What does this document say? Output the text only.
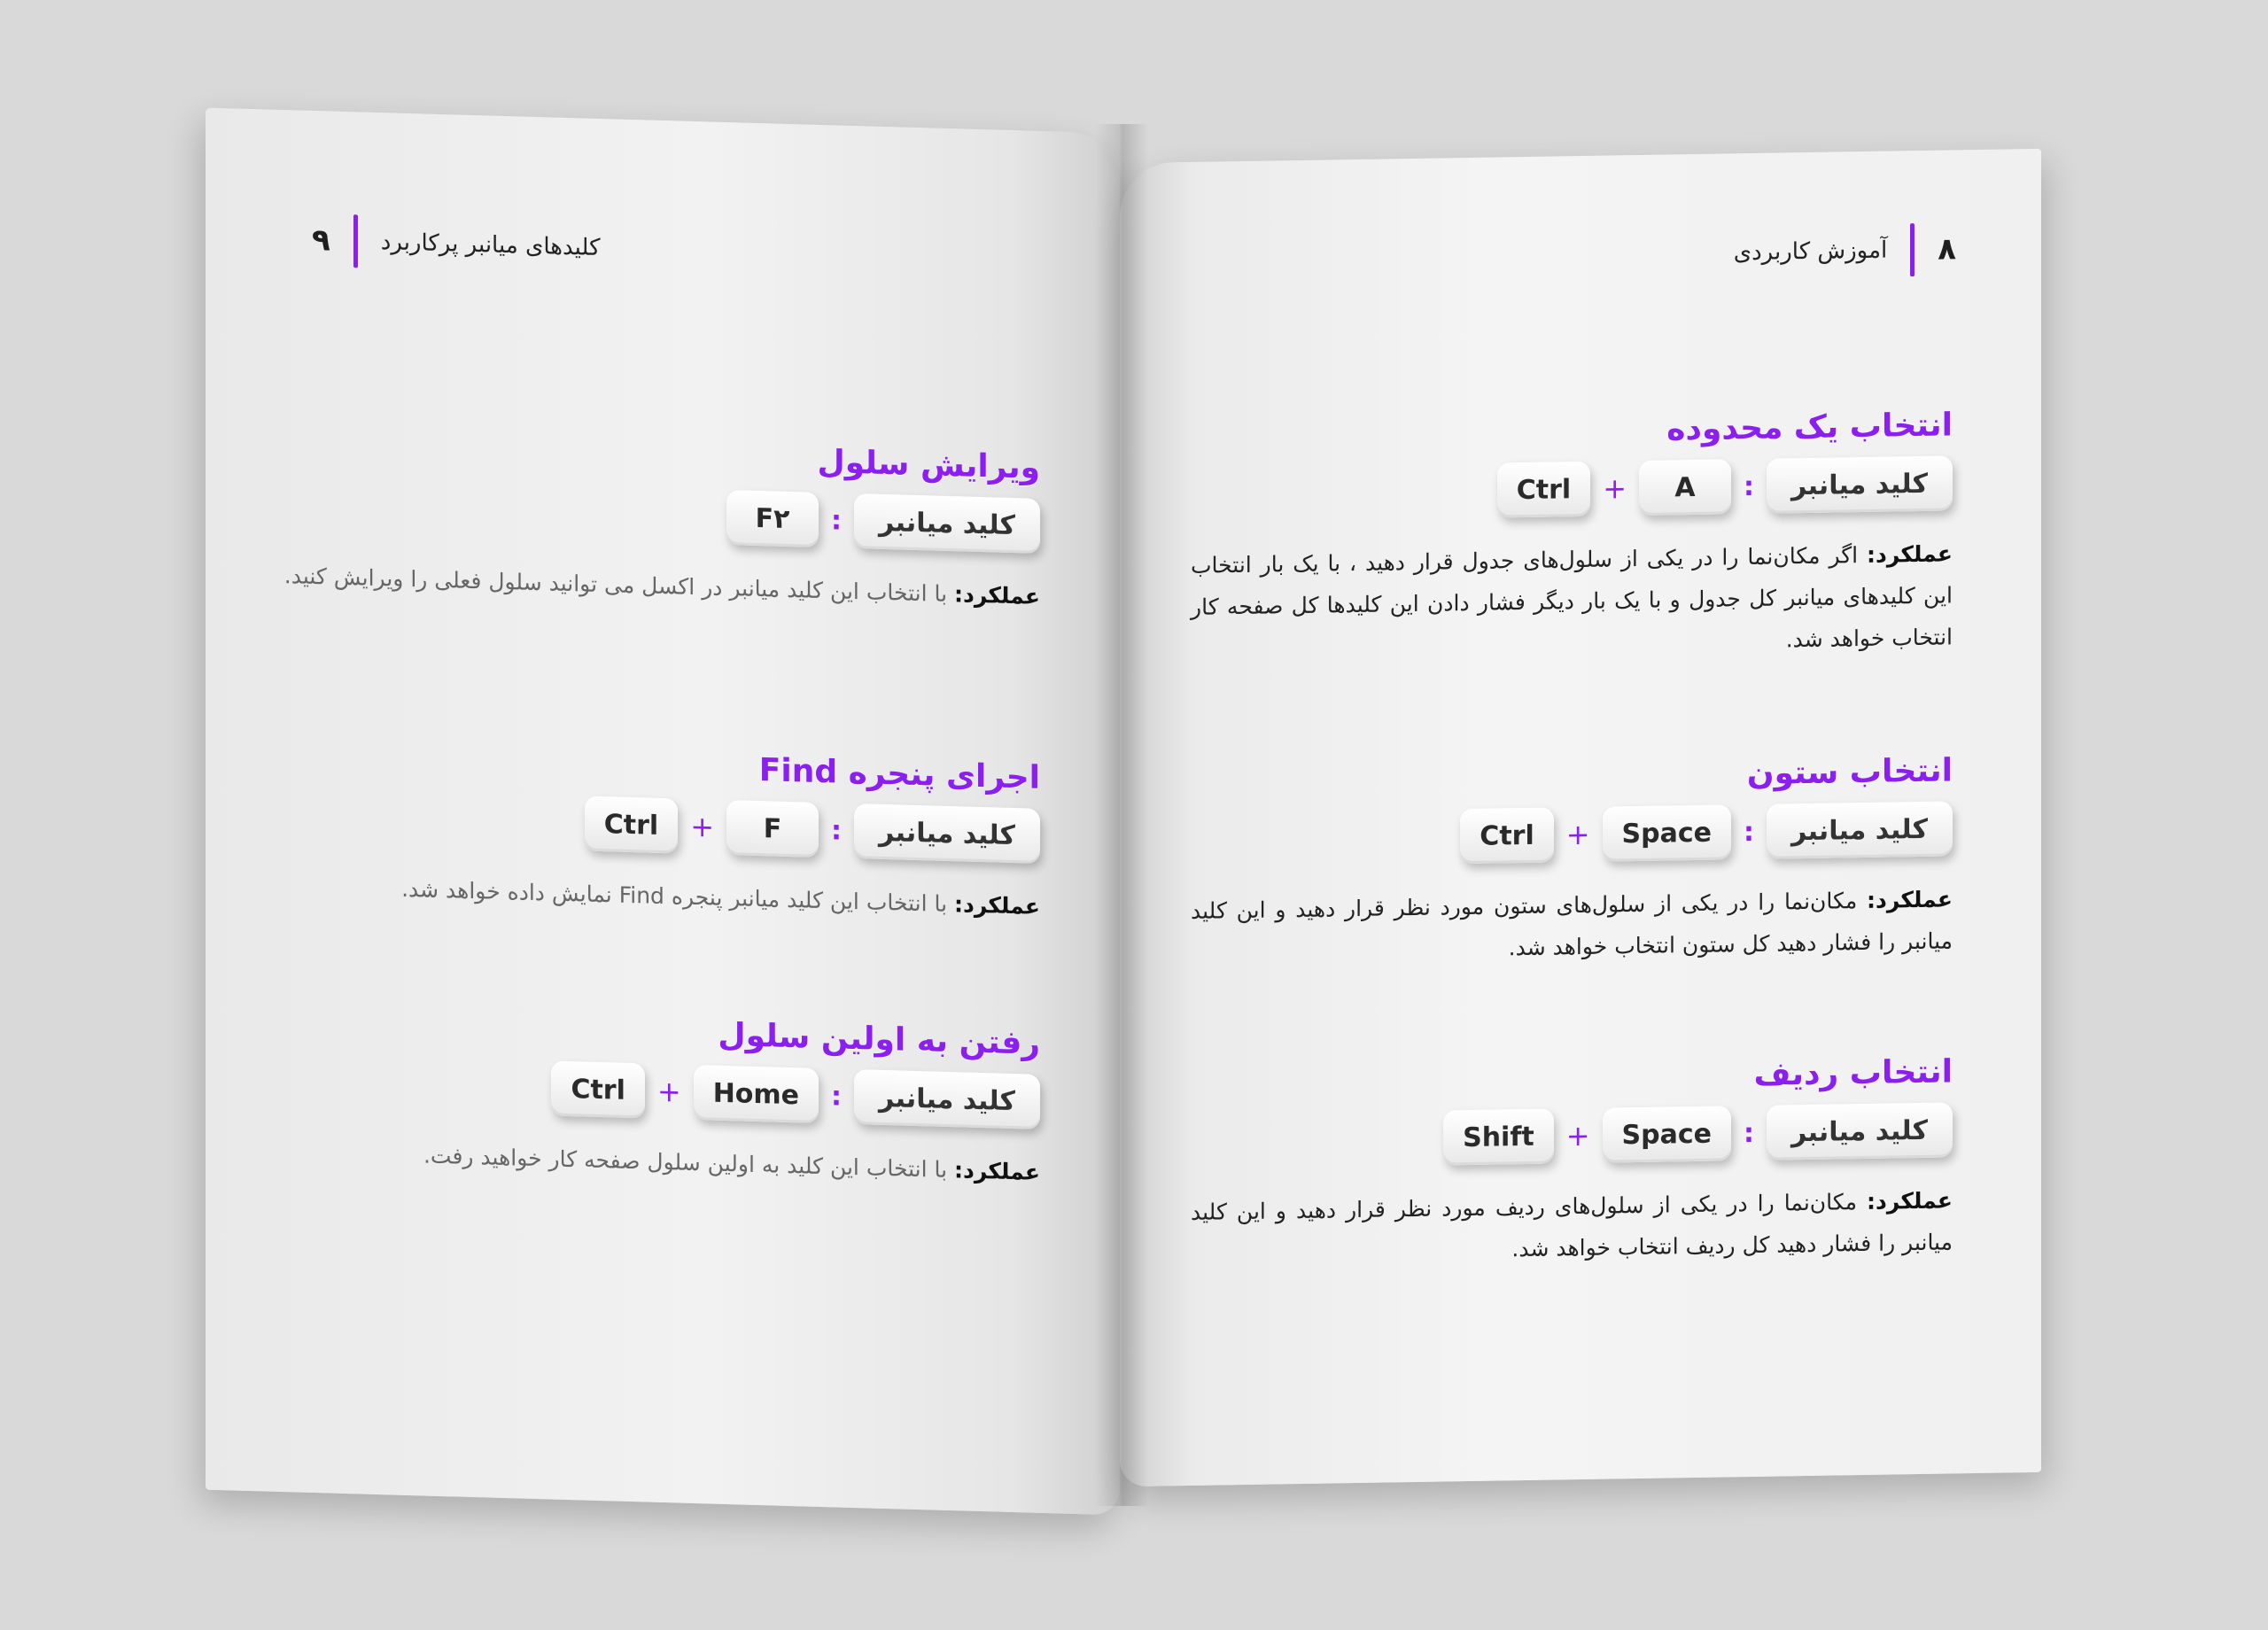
۹ کلیدهای میانبر پرکاربرد
ویرایش سلول
کلید میانبر
:
F۲

عملکرد: با انتخاب این کلید میانبر در اکسل می توانید سلول فعلی را ویرایش کنید.

اجرای پنجره Find
کلید میانبر
:
F
+
Ctrl

عملکرد: با انتخاب این کلید میانبر پنجره Find نمایش داده خواهد شد.

رفتن به اولین سلول
کلید میانبر
:
Home
+
Ctrl

عملکرد: با انتخاب این کلید به اولین سلول صفحه کار خواهید رفت.

۸
آموزش کاربردی
انتخاب یک محدوده
کلید میانبر
:
A
+
Ctrl

عملکرد: اگر مکان‌نما را در یکی از سلول‌های جدول قرار دهید ، با یک بار انتخاب این کلیدهای میانبر کل جدول و با یک بار دیگر فشار دادن این کلیدها کل صفحه کار انتخاب خواهد شد.

انتخاب ستون
کلید میانبر
:
Space
+
Ctrl

عملکرد: مکان‌نما را در یکی از سلول‌های ستون مورد نظر قرار دهید و این کلید میانبر را فشار دهید کل ستون انتخاب خواهد شد.

انتخاب ردیف
کلید میانبر
:
Space
+
Shift

عملکرد: مکان‌نما را در یکی از سلول‌های ردیف مورد نظر قرار دهید و این کلید میانبر را فشار دهید کل ردیف انتخاب خواهد شد.
